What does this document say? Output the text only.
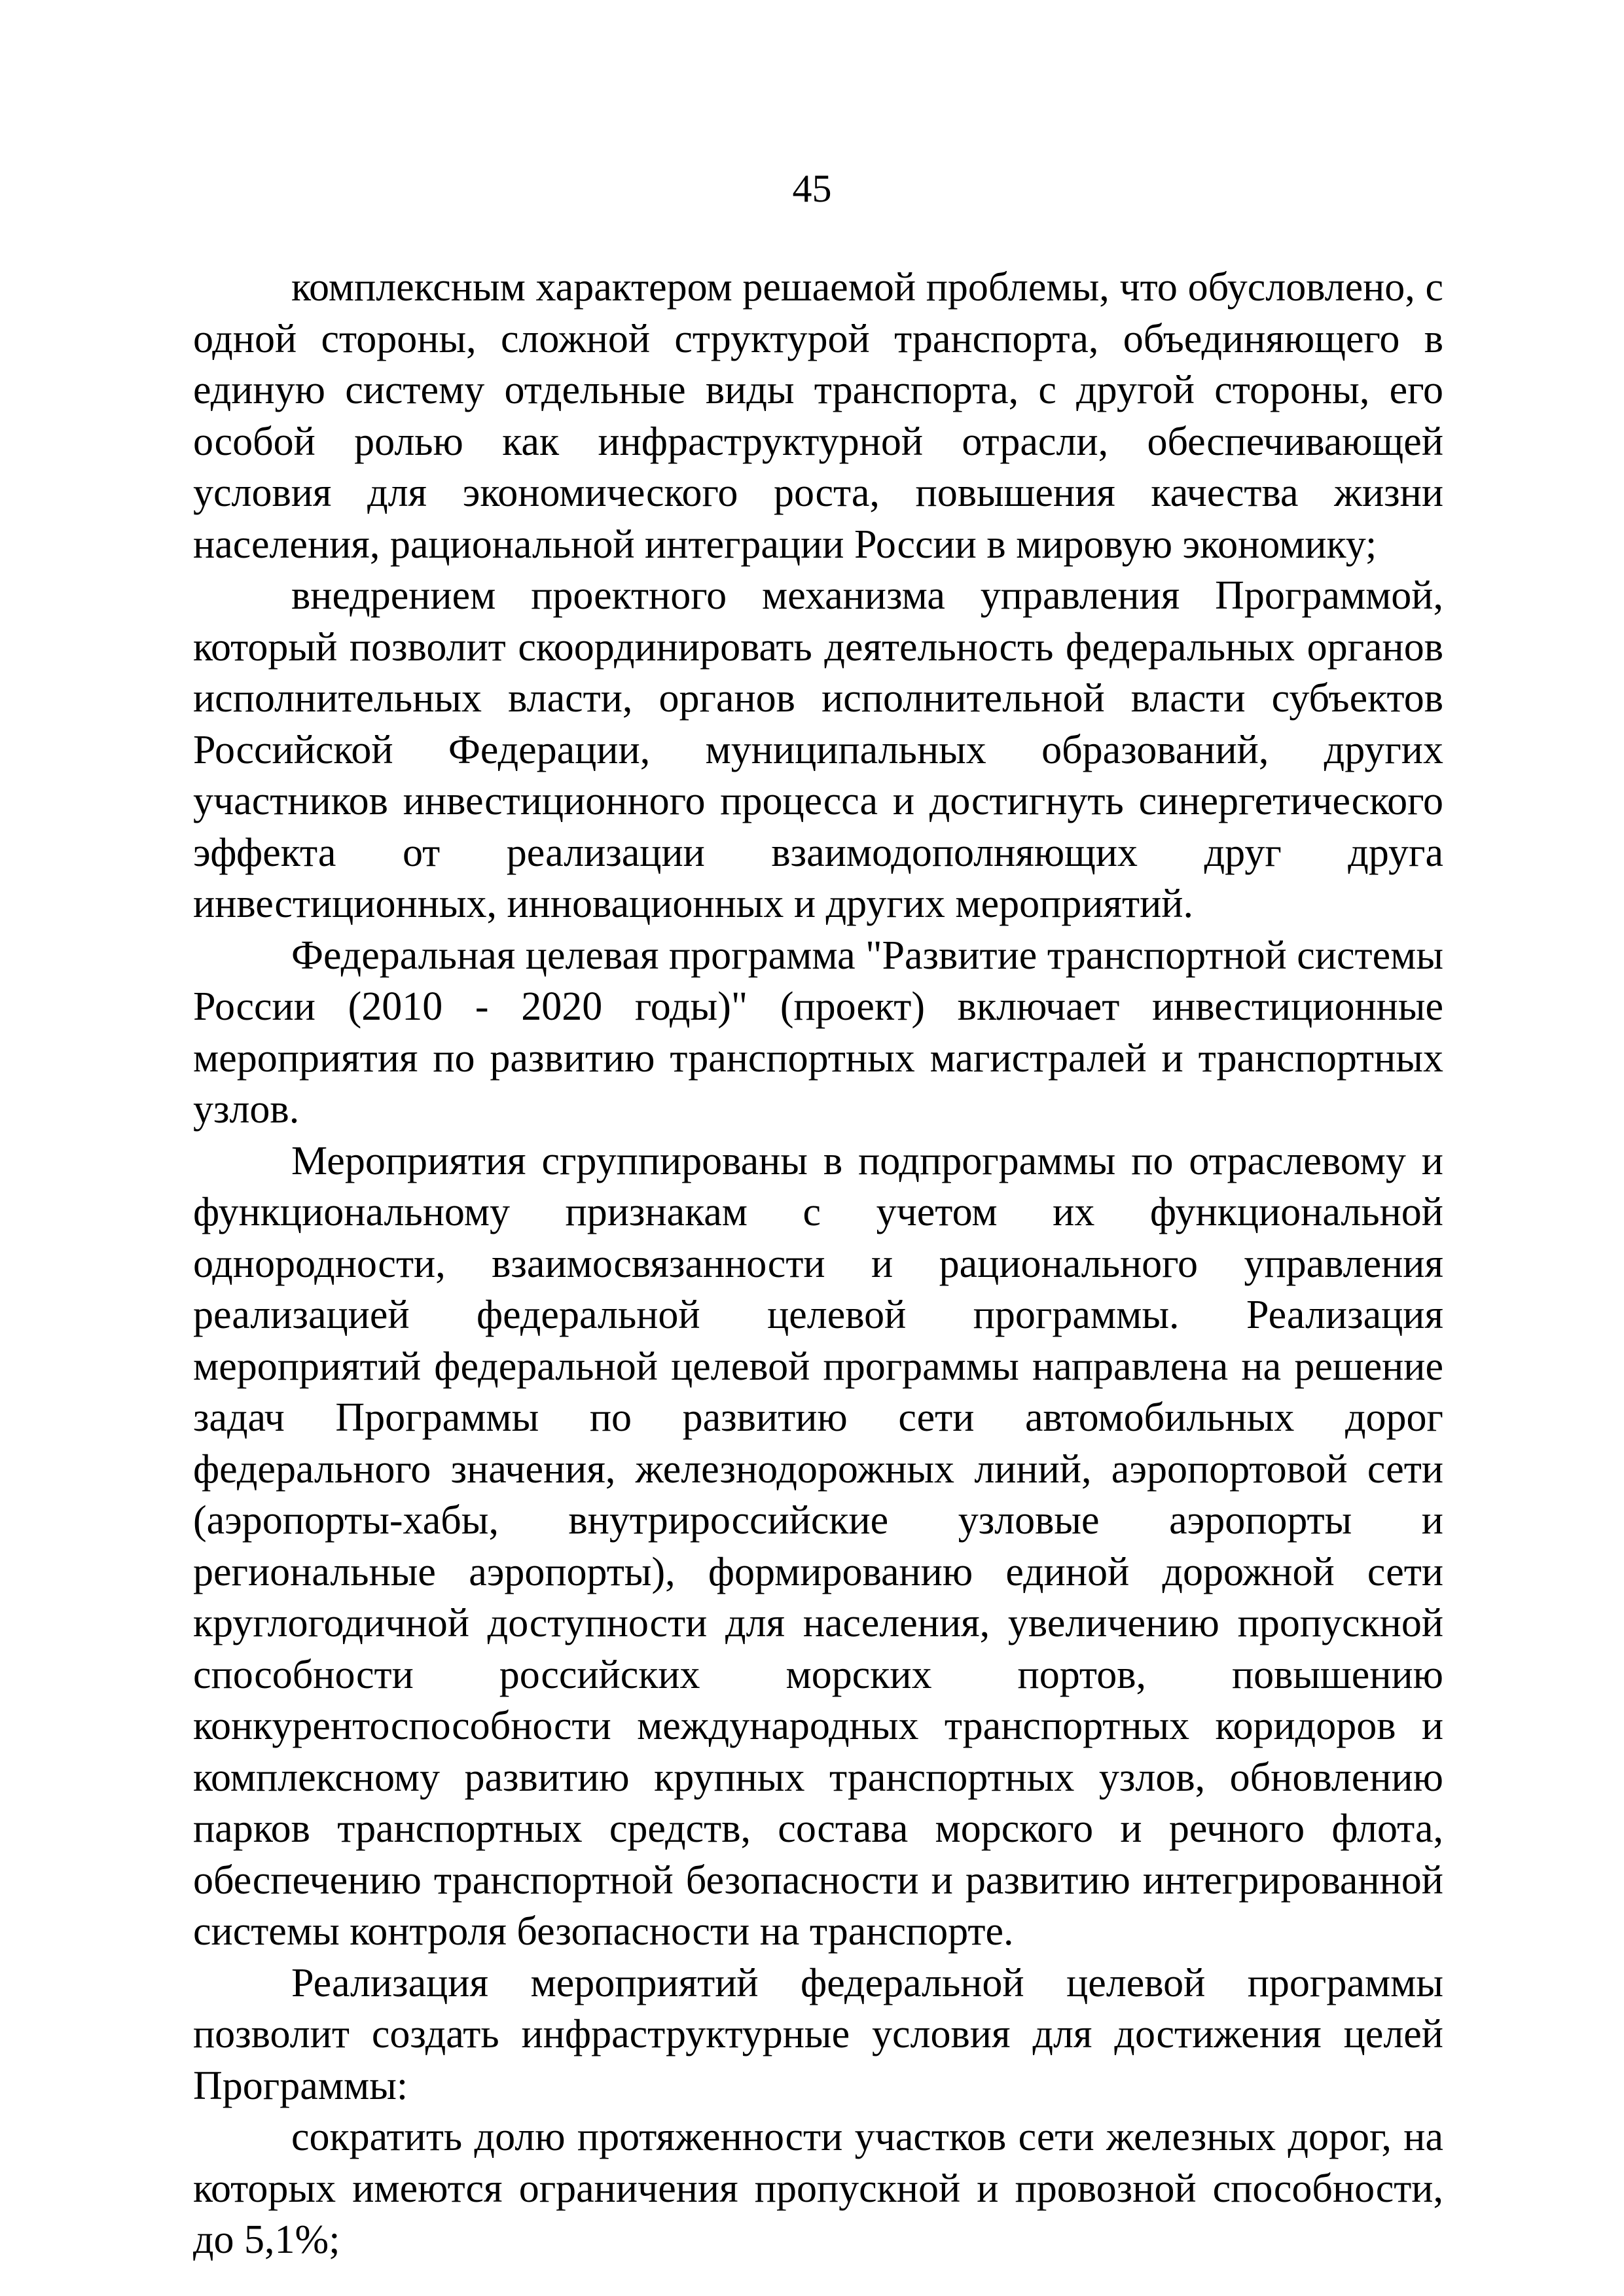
45

комплексным характером решаемой проблемы, что обусловлено, с одной стороны, сложной структурой транспорта, объединяющего в единую систему отдельные виды транспорта, с другой стороны, его особой ролью как инфраструктурной отрасли, обеспечивающей условия для экономического роста, повышения качества жизни населения, рациональной интеграции России в мировую экономику;

внедрением проектного механизма управления Программой, который позволит скоординировать деятельность федеральных органов исполнительных власти, органов исполнительной власти субъектов Российской Федерации, муниципальных образований, других участников инвестиционного процесса и достигнуть синергетического эффекта от реализации взаимодополняющих друг друга инвестиционных, инновационных и других мероприятий.

Федеральная целевая программа "Развитие транспортной системы России (2010 - 2020 годы)" (проект) включает инвестиционные мероприятия по развитию транспортных магистралей и транспортных узлов.

Мероприятия сгруппированы в подпрограммы по отраслевому и функциональному признакам с учетом их функциональной однородности, взаимосвязанности и рационального управления реализацией федеральной целевой программы. Реализация мероприятий федеральной целевой программы направлена на решение задач Программы по развитию сети автомобильных дорог федерального значения, железнодорожных линий, аэропортовой сети (аэропорты-хабы, внутрироссийские узловые аэропорты и региональные аэропорты), формированию единой дорожной сети круглогодичной доступности для населения, увеличению пропускной способности российских морских портов, повышению конкурентоспособности международных транспортных коридоров и комплексному развитию крупных транспортных узлов, обновлению парков транспортных средств, состава морского и речного флота, обеспечению транспортной безопасности и развитию интегрированной системы контроля безопасности на транспорте.

Реализация мероприятий федеральной целевой программы позволит создать инфраструктурные условия для достижения целей Программы:

сократить долю протяженности участков сети железных дорог, на которых имеются ограничения пропускной и провозной способности, до 5,1%;
